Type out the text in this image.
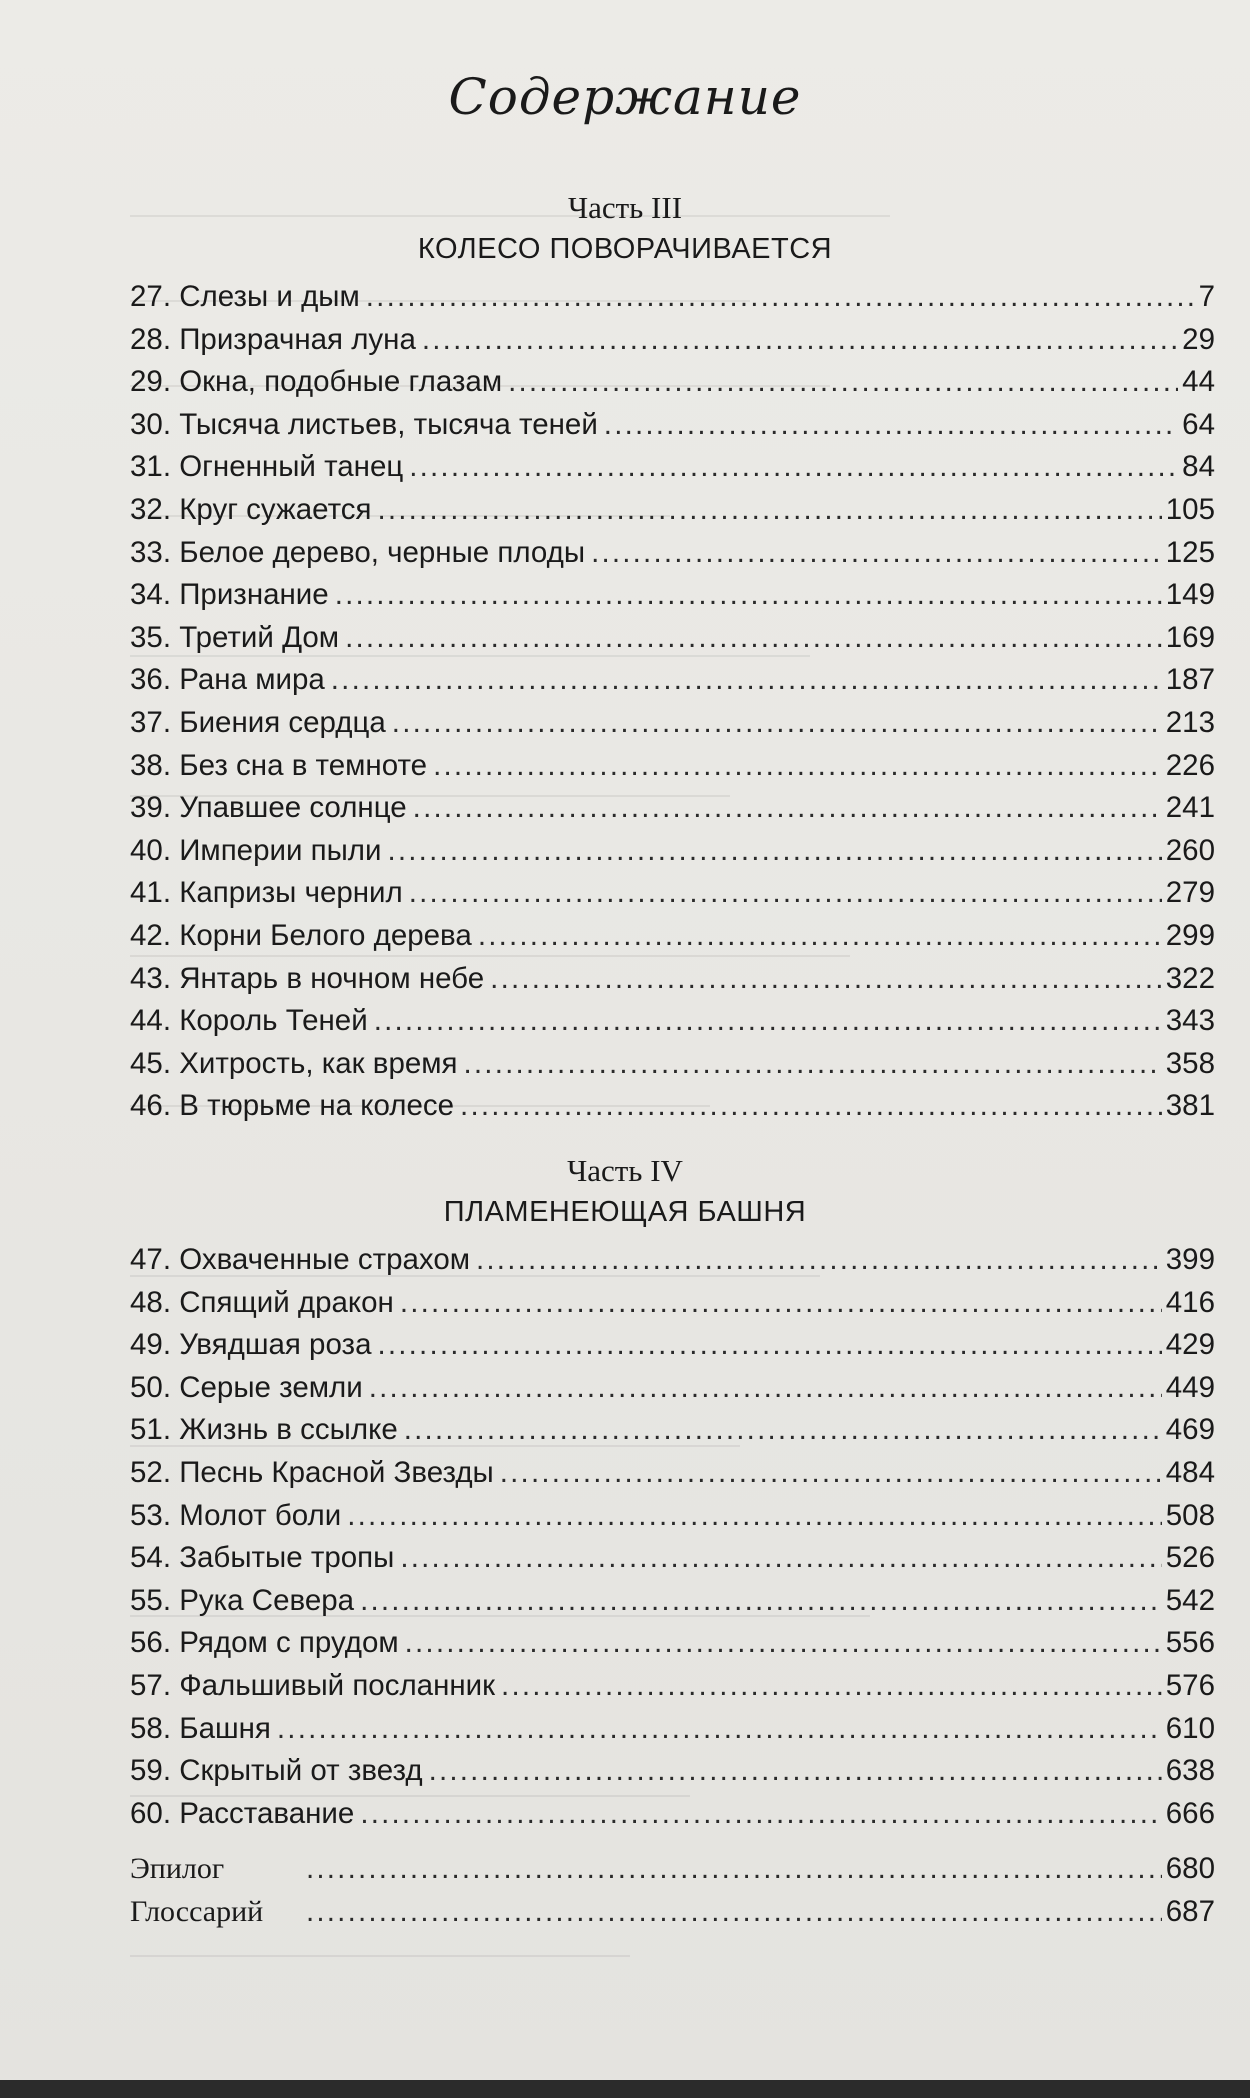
Содержание
Часть III
КОЛЕСО ПОВОРАЧИВАЕТСЯ
27. Слезы и дым . . .	7
28. Призрачная луна . . .	29
29. Окна, подобные глазам . . .	44
30. Тысяча листьев, тысяча теней . . .	64
31. Огненный танец . . .	84
32. Круг сужается . . .	105
33. Белое дерево, черные плоды . . .	125
34. Признание . . .	149
35. Третий Дом . . .	169
36. Рана мира . . .	187
37. Биения сердца . . .	213
38. Без сна в темноте . . .	226
39. Упавшее солнце . . .	241
40. Империи пыли . . .	260
41. Капризы чернил . . .	279
42. Корни Белого дерева . . .	299
43. Янтарь в ночном небе . . .	322
44. Король Теней . . .	343
45. Хитрость, как время . . .	358
46. В тюрьме на колесе . . .	381
Часть IV
ПЛАМЕНЕЮЩАЯ БАШНЯ
47. Охваченные страхом . . .	399
48. Спящий дракон . . .	416
49. Увядшая роза . . .	429
50. Серые земли . . .	449
51. Жизнь в ссылке . . .	469
52. Песнь Красной Звезды . . .	484
53. Молот боли . . .	508
54. Забытые тропы . . .	526
55. Рука Севера . . .	542
56. Рядом с прудом . . .	556
57. Фальшивый посланник . . .	576
58. Башня . . .	610
59. Скрытый от звезд . . .	638
60. Расставание . . .	666
Эпилог . . .	680
Глоссарий . . .	687
